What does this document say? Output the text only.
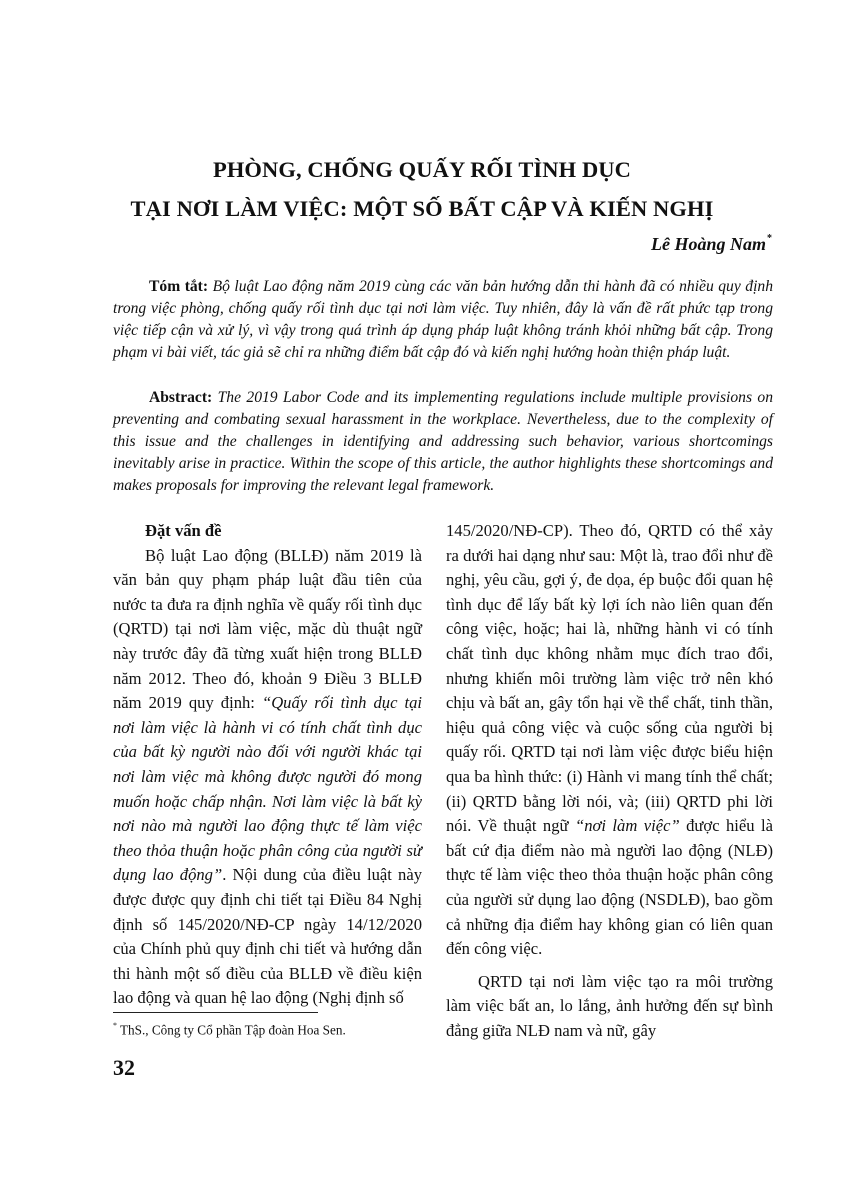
PHÒNG, CHỐNG QUẤY RỐI TÌNH DỤC
TẠI NƠI LÀM VIỆC: MỘT SỐ BẤT CẬP VÀ KIẾN NGHỊ
Lê Hoàng Nam*

Tóm tắt: Bộ luật Lao động năm 2019 cùng các văn bản hướng dẫn thi hành đã có nhiều quy định trong việc phòng, chống quấy rối tình dục tại nơi làm việc. Tuy nhiên, đây là vấn đề rất phức tạp trong việc tiếp cận và xử lý, vì vậy trong quá trình áp dụng pháp luật không tránh khỏi những bất cập. Trong phạm vi bài viết, tác giả sẽ chỉ ra những điểm bất cập đó và kiến nghị hướng hoàn thiện pháp luật.

Abstract: The 2019 Labor Code and its implementing regulations include multiple provisions on preventing and combating sexual harassment in the workplace. Nevertheless, due to the complexity of this issue and the challenges in identifying and addressing such behavior, various shortcomings inevitably arise in practice. Within the scope of this article, the author highlights these shortcomings and makes proposals for improving the relevant legal framework.

Đặt vấn đề

Bộ luật Lao động (BLLĐ) năm 2019 là văn bản quy phạm pháp luật đầu tiên của nước ta đưa ra định nghĩa về quấy rối tình dục (QRTD) tại nơi làm việc, mặc dù thuật ngữ này trước đây đã từng xuất hiện trong BLLĐ năm 2012. Theo đó, khoản 9 Điều 3 BLLĐ năm 2019 quy định: “Quấy rối tình dục tại nơi làm việc là hành vi có tính chất tình dục của bất kỳ người nào đối với người khác tại nơi làm việc mà không được người đó mong muốn hoặc chấp nhận. Nơi làm việc là bất kỳ nơi nào mà người lao động thực tế làm việc theo thỏa thuận hoặc phân công của người sử dụng lao động”. Nội dung của điều luật này được được quy định chi tiết tại Điều 84 Nghị định số 145/2020/NĐ-CP ngày 14/12/2020 của Chính phủ quy định chi tiết và hướng dẫn thi hành một số điều của BLLĐ về điều kiện lao động và quan hệ lao động (Nghị định số

145/2020/NĐ-CP). Theo đó, QRTD có thể xảy ra dưới hai dạng như sau: Một là, trao đổi như đề nghị, yêu cầu, gợi ý, đe dọa, ép buộc đổi quan hệ tình dục để lấy bất kỳ lợi ích nào liên quan đến công việc, hoặc; hai là, những hành vi có tính chất tình dục không nhằm mục đích trao đổi, nhưng khiến môi trường làm việc trở nên khó chịu và bất an, gây tổn hại về thể chất, tinh thần, hiệu quả công việc và cuộc sống của người bị quấy rối. QRTD tại nơi làm việc được biểu hiện qua ba hình thức: (i) Hành vi mang tính thể chất; (ii) QRTD bằng lời nói, và; (iii) QRTD phi lời nói. Về thuật ngữ “nơi làm việc” được hiểu là bất cứ địa điểm nào mà người lao động (NLĐ) thực tế làm việc theo thỏa thuận hoặc phân công của người sử dụng lao động (NSDLĐ), bao gồm cả những địa điểm hay không gian có liên quan đến công việc.

QRTD tại nơi làm việc tạo ra môi trường làm việc bất an, lo lắng, ảnh hưởng đến sự bình đẳng giữa NLĐ nam và nữ, gây

* ThS., Công ty Cổ phần Tập đoàn Hoa Sen.
32
